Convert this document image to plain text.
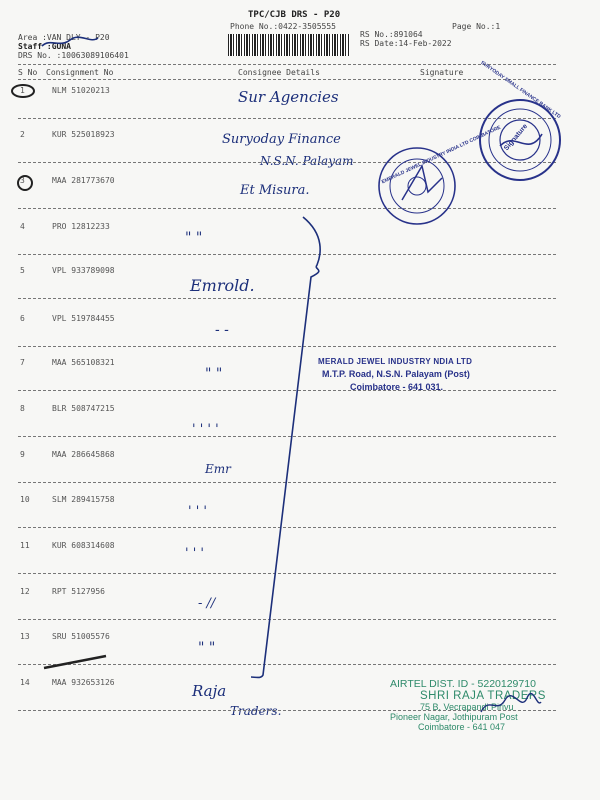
TPC/CJB DRS - P20
Phone No.:0422-3505555
Area :VAN DLY - P20
Staff :GUNA
DRS No. :10063089106401
RS No.:891064
RS Date:14-Feb-2022
Page No.:1
S No Consignment No	Consignee Details	Signature
1	NLM 51020213	Sur Agencies
2	KUR 525018923	Suryoday Finance
N.S.N. Palayam
3	MAA 281773670
Et Misura.
4	PRO 12812233
" "
5	VPL 933789098
Emrold.
6	VPL 519784455
- -
7	MAA 565108321
" "
8	BLR 508747215
' ' ' '
9	MAA 286645868
Emr
10	SLM 289415758
' ' '
11	KUR 608314608
' ' '
12	RPT 5127956
- //
13	SRU 51005576
" "
14	MAA 932653126	Raja
Traders.
Signature
SURYODAY SMALL FINANCE BANK LTD
EMERALD JEWEL INDUSTRY INDIA LTD COIMBATORE
MERALD JEWEL INDUSTRY NDIA LTD
M.T.P. Road, N.S.N. Palayam (Post)
Coimbatore - 641 031.
AIRTEL DIST. ID - 5220129710
SHRI RAJA TRADERS
75 B, Vecrapandi Pirivu
Pioneer Nagar, Jothipuram Post
Coimbatore - 641 047
